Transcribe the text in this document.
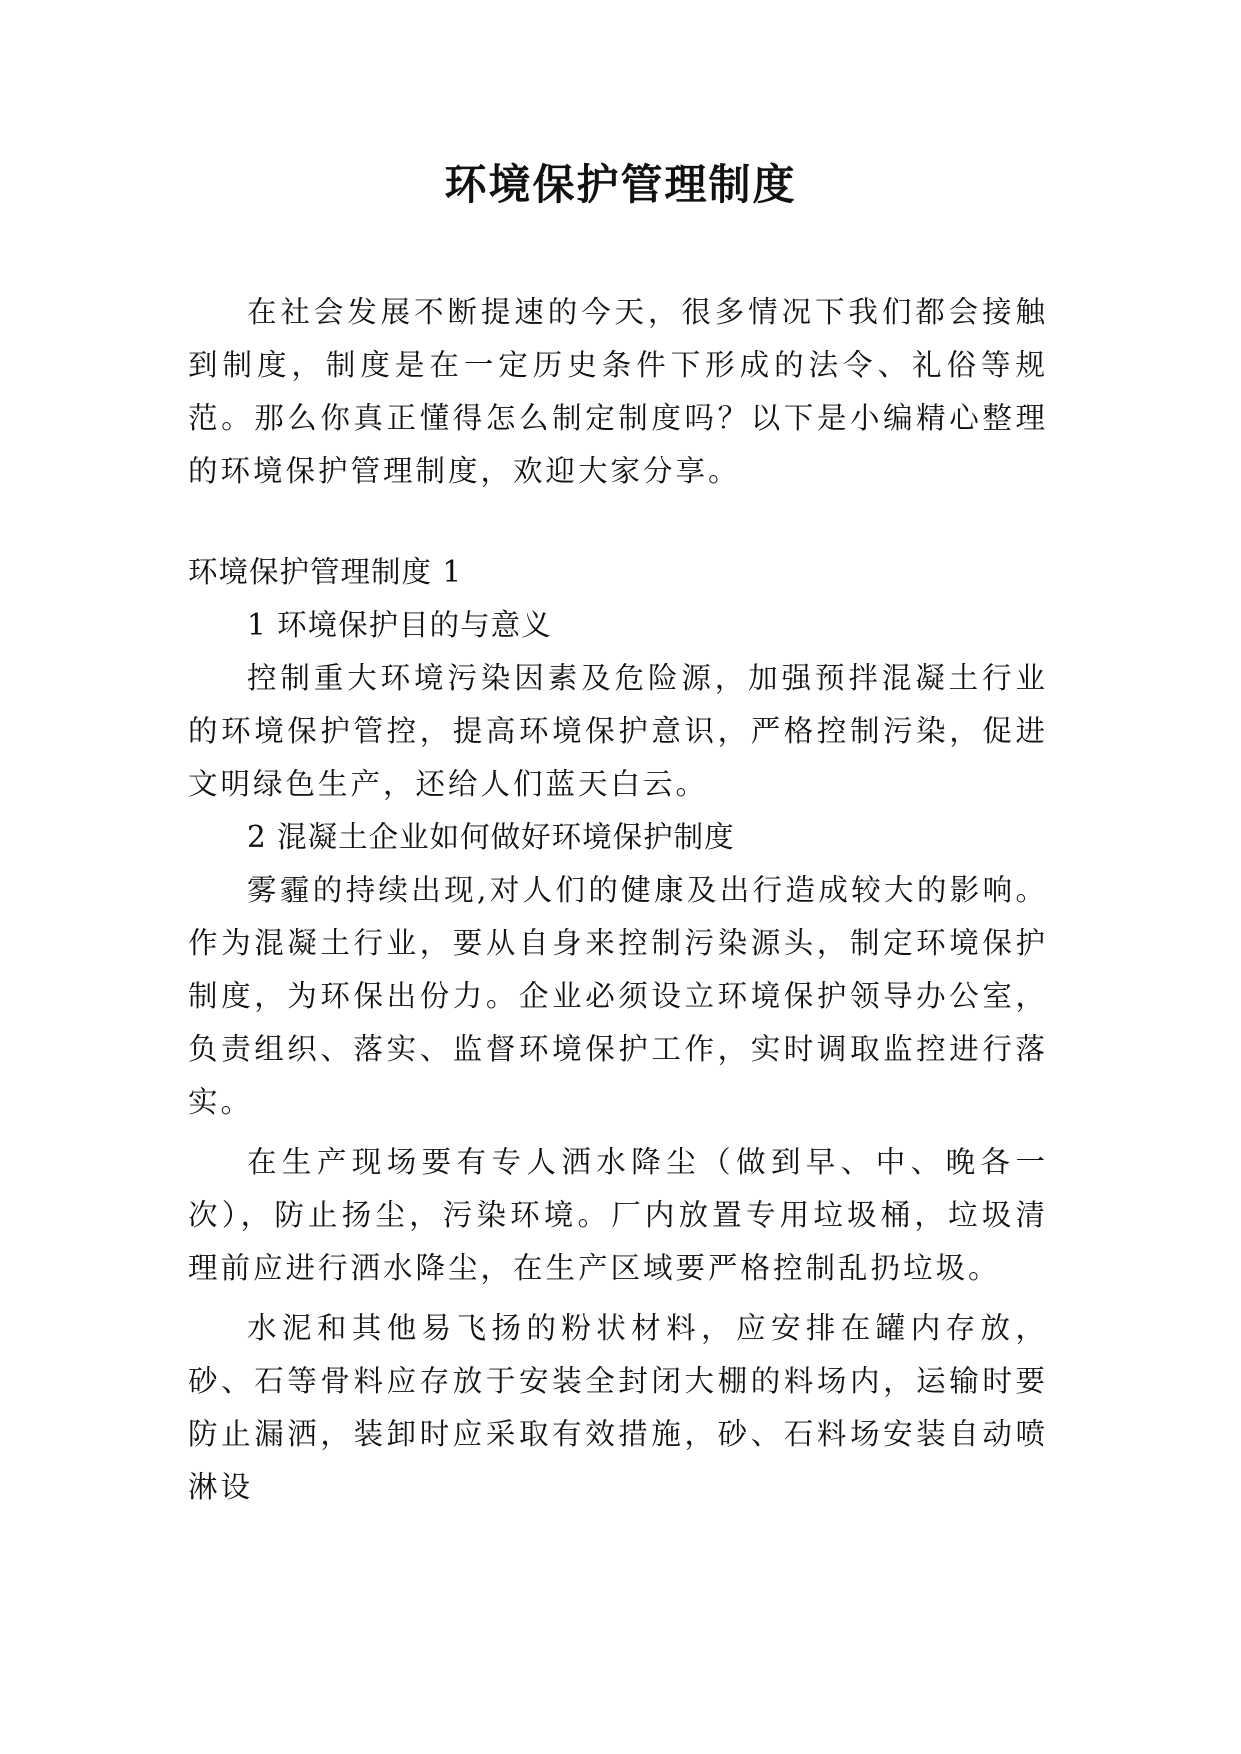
环境保护管理制度

在社会发展不断提速的今天，很多情况下我们都会接触到制度，制度是在一定历史条件下形成的法令、礼俗等规范。那么你真正懂得怎么制定制度吗？以下是小编精心整理的环境保护管理制度，欢迎大家分享。

环境保护管理制度 1

1 环境保护目的与意义

控制重大环境污染因素及危险源，加强预拌混凝土行业的环境保护管控，提高环境保护意识，严格控制污染，促进文明绿色生产，还给人们蓝天白云。

2 混凝土企业如何做好环境保护制度

雾霾的持续出现,对人们的健康及出行造成较大的影响。作为混凝土行业，要从自身来控制污染源头，制定环境保护制度，为环保出份力。企业必须设立环境保护领导办公室，负责组织、落实、监督环境保护工作，实时调取监控进行落实。

在生产现场要有专人洒水降尘（做到早、中、晚各一次），防止扬尘，污染环境。厂内放置专用垃圾桶，垃圾清理前应进行洒水降尘，在生产区域要严格控制乱扔垃圾。

水泥和其他易飞扬的粉状材料，应安排在罐内存放，砂、石等骨料应存放于安装全封闭大棚的料场内，运输时要防止漏洒，装卸时应采取有效措施，砂、石料场安装自动喷淋设
